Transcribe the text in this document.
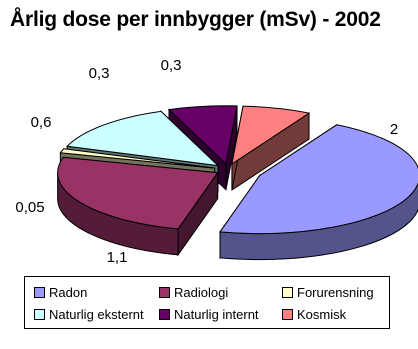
Årlig dose per innbygger (mSv) - 2002
2
1,1
0,05
0,6
0,3	0,3
Radon	Radiologi	Forurensning
Naturlig eksternt Naturlig internt	Kosmisk
